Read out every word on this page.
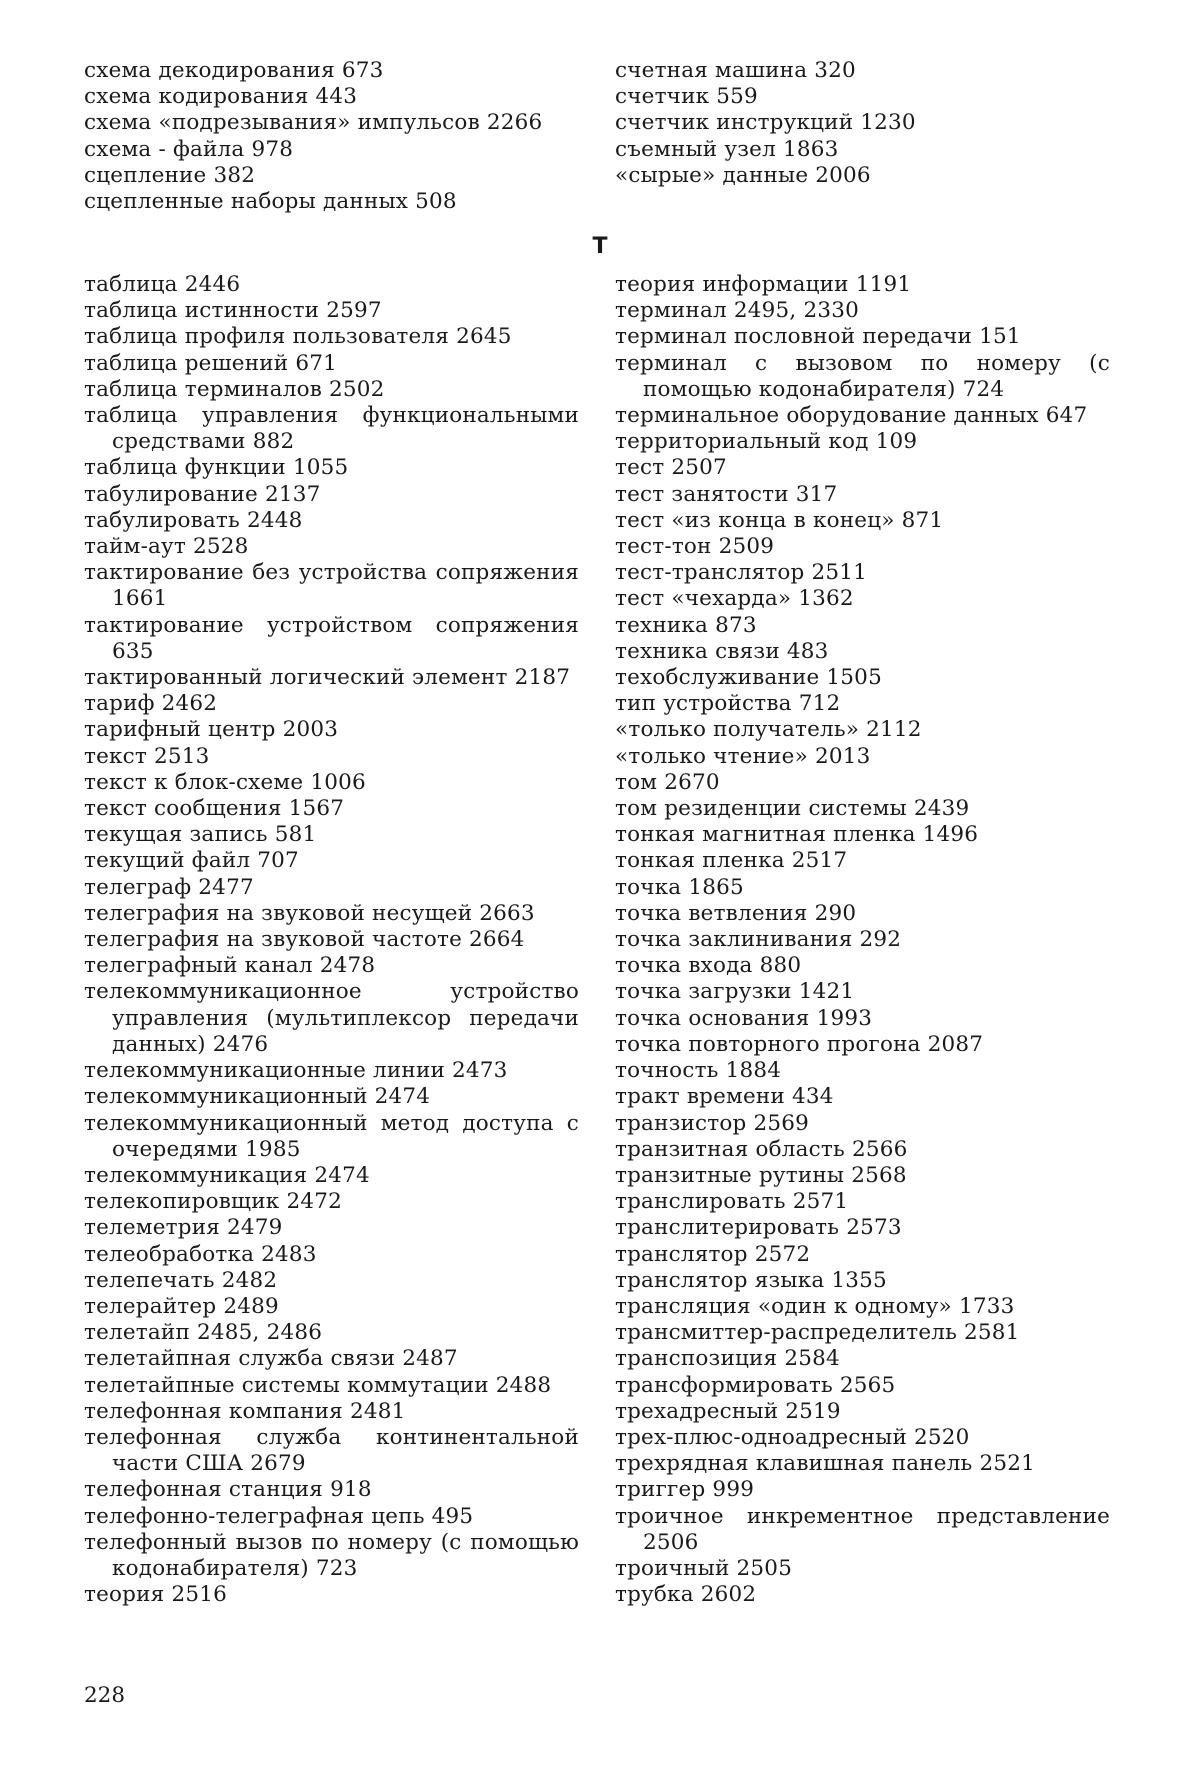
схема декодирования 673

схема кодирования 443

схема «подрезывания» импульсов 2266

схема - файла 978

сцепление 382

сцепленные наборы данных 508

счетная машина 320

счетчик 559

счетчик инструкций 1230

съемный узел 1863

«сырые» данные 2006

Т

таблица 2446

таблица истинности 2597

таблица профиля пользователя 2645

таблица решений 671

таблица терминалов 2502

таблица управления функциональными средствами 882

таблица функции 1055

табулирование 2137

табулировать 2448

тайм-аут 2528

тактирование без устройства сопряжения 1661

тактирование устройством сопряжения 635

тактированный логический элемент 2187

тариф 2462

тарифный центр 2003

текст 2513

текст к блок-схеме 1006

текст сообщения 1567

текущая запись 581

текущий файл 707

телеграф 2477

телеграфия на звуковой несущей 2663

телеграфия на звуковой частоте 2664

телеграфный канал 2478

телекоммуникационное устройство управления (мультиплексор передачи данных) 2476

телекоммуникационные линии 2473

телекоммуникационный 2474

телекоммуникационный метод доступа с очередями 1985

телекоммуникация 2474

телекопировщик 2472

телеметрия 2479

телеобработка 2483

телепечать 2482

телерайтер 2489

телетайп 2485, 2486

телетайпная служба связи 2487

телетайпные системы коммутации 2488

телефонная компания 2481

телефонная служба континентальной части США 2679

телефонная станция 918

телефонно-телеграфная цепь 495

телефонный вызов по номеру (с помощью кодонабирателя) 723

теория 2516

теория информации 1191

терминал 2495, 2330

терминал пословной передачи 151

терминал с вызовом по номеру (с помощью кодонабирателя) 724

терминальное оборудование данных 647

территориальный код 109

тест 2507

тест занятости 317

тест «из конца в конец» 871

тест-тон 2509

тест-транслятор 2511

тест «чехарда» 1362

техника 873

техника связи 483

техобслуживание 1505

тип устройства 712

«только получатель» 2112

«только чтение» 2013

том 2670

том резиденции системы 2439

тонкая магнитная пленка 1496

тонкая пленка 2517

точка 1865

точка ветвления 290

точка заклинивания 292

точка входа 880

точка загрузки 1421

точка основания 1993

точка повторного прогона 2087

точность 1884

тракт времени 434

транзистор 2569

транзитная область 2566

транзитные рутины 2568

транслировать 2571

транслитерировать 2573

транслятор 2572

транслятор языка 1355

трансляция «один к одному» 1733

трансмиттер-распределитель 2581

транспозиция 2584

трансформировать 2565

трехадресный 2519

трех-плюс-одноадресный 2520

трехрядная клавишная панель 2521

триггер 999

троичное инкрементное представление 2506

троичный 2505

трубка 2602

228
